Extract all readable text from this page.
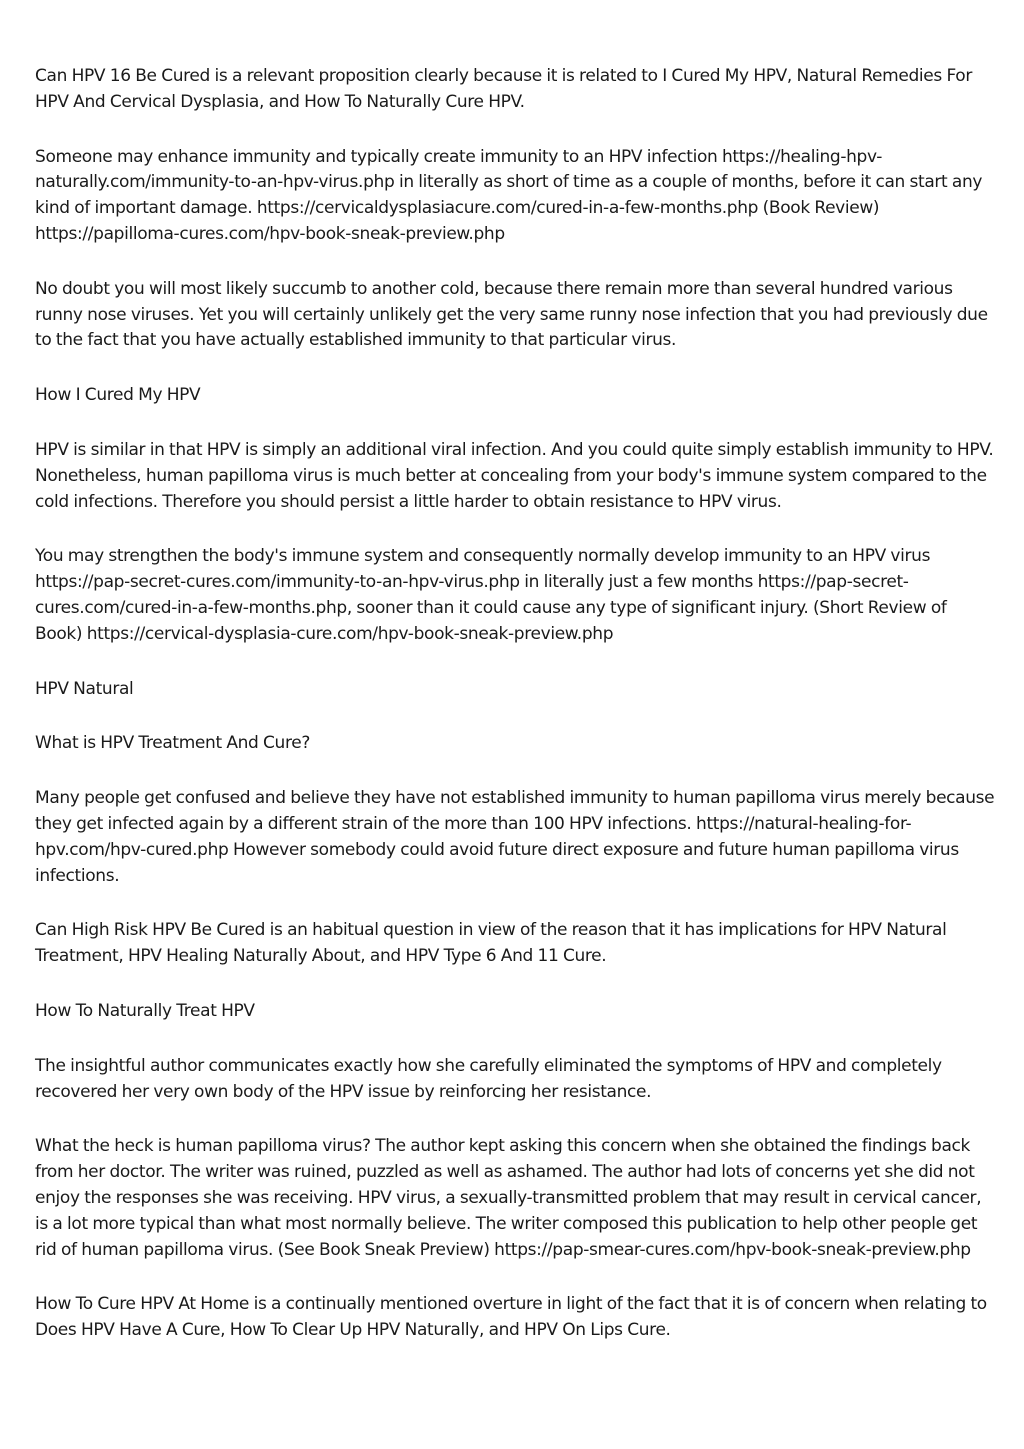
Can HPV 16 Be Cured is a relevant proposition clearly because it is related to I Cured My HPV, Natural Remedies For HPV And Cervical Dysplasia, and How To Naturally Cure HPV.

Someone may enhance immunity and typically create immunity to an HPV infection https://healing-hpv-naturally.com/immunity-to-an-hpv-virus.php in literally as short of time as a couple of months, before it can start any kind of important damage. https://cervicaldysplasiacure.com/cured-in-a-few-months.php (Book Review) https://papilloma-cures.com/hpv-book-sneak-preview.php

No doubt you will most likely succumb to another cold, because there remain more than several hundred various runny nose viruses. Yet you will certainly unlikely get the very same runny nose infection that you had previously due to the fact that you have actually established immunity to that particular virus.

How I Cured My HPV

HPV is similar in that HPV is simply an additional viral infection. And you could quite simply establish immunity to HPV. Nonetheless, human papilloma virus is much better at concealing from your body's immune system compared to the cold infections. Therefore you should persist a little harder to obtain resistance to HPV virus.

You may strengthen the body's immune system and consequently normally develop immunity to an HPV virus https://pap-secret-cures.com/immunity-to-an-hpv-virus.php in literally just a few months https://pap-secret-cures.com/cured-in-a-few-months.php, sooner than it could cause any type of significant injury. (Short Review of Book) https://cervical-dysplasia-cure.com/hpv-book-sneak-preview.php

HPV Natural

What is HPV Treatment And Cure?

Many people get confused and believe they have not established immunity to human papilloma virus merely because they get infected again by a different strain of the more than 100 HPV infections. https://natural-healing-for-hpv.com/hpv-cured.php However somebody could avoid future direct exposure and future human papilloma virus infections.

Can High Risk HPV Be Cured is an habitual question in view of the reason that it has implications for HPV Natural Treatment, HPV Healing Naturally About, and HPV Type 6 And 11 Cure.

How To Naturally Treat HPV

The insightful author communicates exactly how she carefully eliminated the symptoms of HPV and completely recovered her very own body of the HPV issue by reinforcing her resistance.

What the heck is human papilloma virus? The author kept asking this concern when she obtained the findings back from her doctor. The writer was ruined, puzzled as well as ashamed. The author had lots of concerns yet she did not enjoy the responses she was receiving. HPV virus, a sexually-transmitted problem that may result in cervical cancer, is a lot more typical than what most normally believe. The writer composed this publication to help other people get rid of human papilloma virus. (See Book Sneak Preview) https://pap-smear-cures.com/hpv-book-sneak-preview.php

How To Cure HPV At Home is a continually mentioned overture in light of the fact that it is of concern when relating to Does HPV Have A Cure, How To Clear Up HPV Naturally, and HPV On Lips Cure.
